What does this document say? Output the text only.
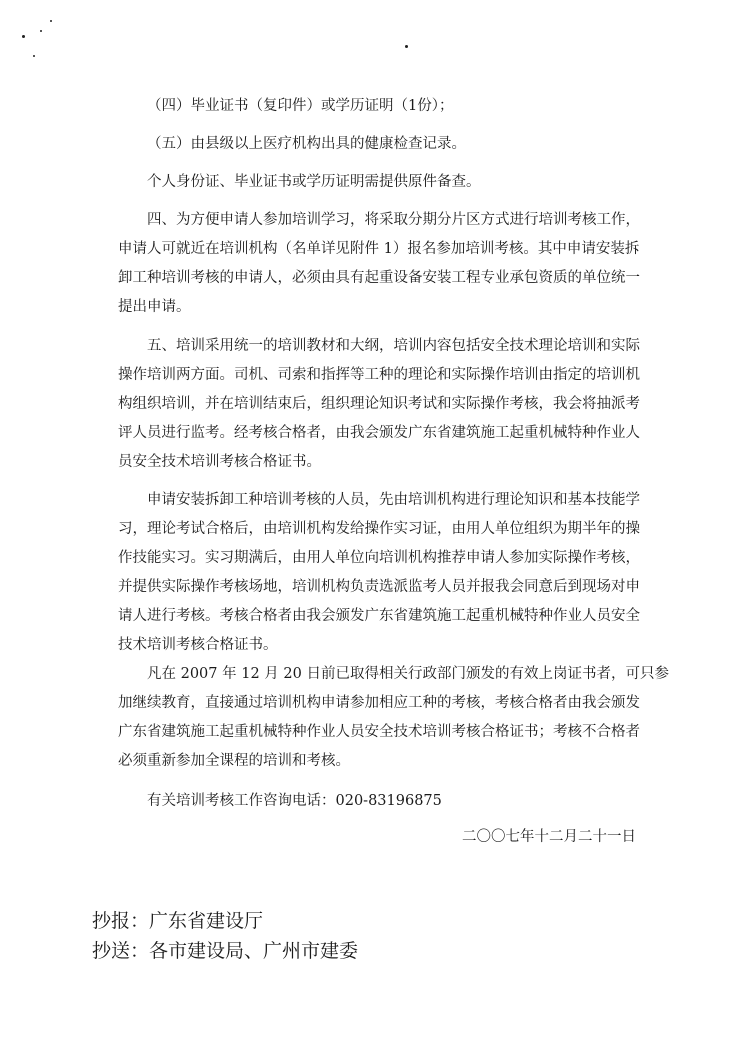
（四）毕业证书（复印件）或学历证明（1份）；
（五）由县级以上医疗机构出具的健康检查记录。
个人身份证、毕业证书或学历证明需提供原件备查。
四、为方便申请人参加培训学习，将采取分期分片区方式进行培训考核工作，
申请人可就近在培训机构（名单详见附件 1）报名参加培训考核。其中申请安装拆
卸工种培训考核的申请人，必须由具有起重设备安装工程专业承包资质的单位统一
提出申请。
五、培训采用统一的培训教材和大纲，培训内容包括安全技术理论培训和实际
操作培训两方面。司机、司索和指挥等工种的理论和实际操作培训由指定的培训机
构组织培训，并在培训结束后，组织理论知识考试和实际操作考核，我会将抽派考
评人员进行监考。经考核合格者，由我会颁发广东省建筑施工起重机械特种作业人
员安全技术培训考核合格证书。
申请安装拆卸工种培训考核的人员，先由培训机构进行理论知识和基本技能学
习，理论考试合格后，由培训机构发给操作实习证，由用人单位组织为期半年的操
作技能实习。实习期满后，由用人单位向培训机构推荐申请人参加实际操作考核，
并提供实际操作考核场地，培训机构负责选派监考人员并报我会同意后到现场对申
请人进行考核。考核合格者由我会颁发广东省建筑施工起重机械特种作业人员安全
技术培训考核合格证书。
凡在 2007 年 12 月 20 日前已取得相关行政部门颁发的有效上岗证书者，可只参
加继续教育，直接通过培训机构申请参加相应工种的考核，考核合格者由我会颁发
广东省建筑施工起重机械特种作业人员安全技术培训考核合格证书；考核不合格者
必须重新参加全课程的培训和考核。
有关培训考核工作咨询电话：020-83196875
二〇〇七年十二月二十一日
抄报：广东省建设厅
抄送：各市建设局、广州市建委
